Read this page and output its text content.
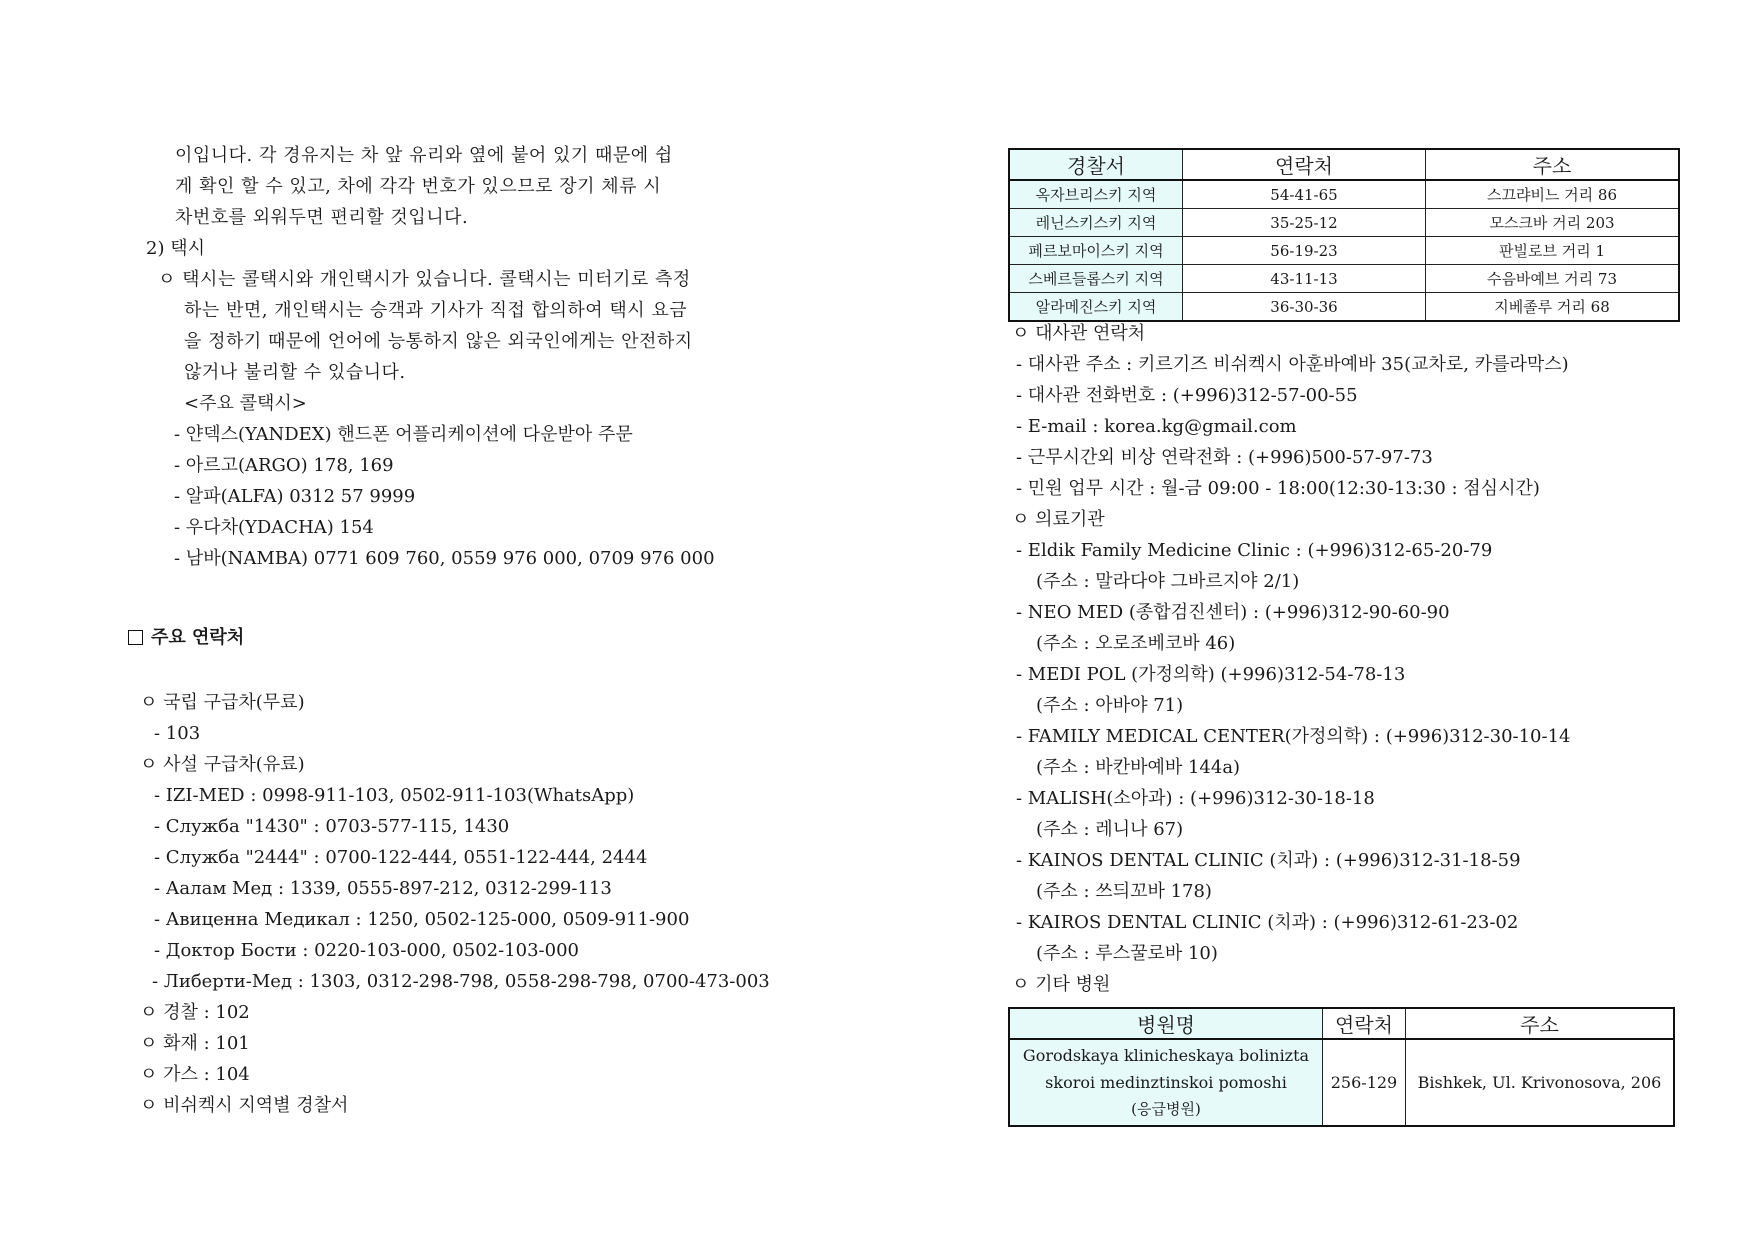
이입니다. 각 경유지는 차 앞 유리와 옆에 붙어 있기 때문에 쉽
게 확인 할 수 있고, 차에 각각 번호가 있으므로 장기 체류 시
차번호를 외워두면 편리할 것입니다.
2) 택시
ㅇ 택시는 콜택시와 개인택시가 있습니다. 콜택시는 미터기로 측정
하는 반면, 개인택시는 승객과 기사가 직접 합의하여 택시 요금
을 정하기 때문에 언어에 능통하지 않은 외국인에게는 안전하지
않거나 불리할 수 있습니다.
<주요 콜택시>
- 얀덱스(YANDEX) 핸드폰 어플리케이션에 다운받아 주문
- 아르고(ARGO) 178, 169
- 알파(ALFA) 0312 57 9999
- 우다차(YDACHA) 154
- 남바(NAMBA) 0771 609 760, 0559 976 000, 0709 976 000
주요 연락처
ㅇ 국립 구급차(무료)
- 103
ㅇ 사설 구급차(유료)
- IZI-MED : 0998-911-103, 0502-911-103(WhatsApp)
- Служба "1430" : 0703-577-115, 1430
- Служба "2444" : 0700-122-444, 0551-122-444, 2444
- Аалам Мед : 1339, 0555-897-212, 0312-299-113
- Авиценна Медикал : 1250, 0502-125-000, 0509-911-900
- Доктор Бости : 0220-103-000, 0502-103-000
- Либерти-Мед : 1303, 0312-298-798, 0558-298-798, 0700-473-003
ㅇ 경찰 : 102
ㅇ 화재 : 101
ㅇ 가스 : 104
ㅇ 비쉬켁시 지역별 경찰서
경찰서	연락처	주소
옥자브리스키 지역	54-41-65	스끄랴비느 거리 86
레닌스키스키 지역	35-25-12	모스크바 거리 203
페르보마이스키 지역	56-19-23	판빌로브 거리 1
스베르들롭스키 지역	43-11-13	수음바예브 거리 73
알라메진스키 지역	36-30-36	지베졸루 거리 68
ㅇ 대사관 연락처
- 대사관 주소 : 키르기즈 비쉬켁시 아훈바예바 35(교차로, 카를라막스)
- 대사관 전화번호 : (+996)312-57-00-55
- E-mail : korea.kg@gmail.com
- 근무시간외 비상 연락전화 : (+996)500-57-97-73
- 민원 업무 시간 : 월-금 09:00 - 18:00(12:30-13:30 : 점심시간)
ㅇ 의료기관
- Eldik Family Medicine Clinic : (+996)312-65-20-79
(주소 : 말라다야 그바르지야 2/1)
- NEO MED (종합검진센터) : (+996)312-90-60-90
(주소 : 오로조베코바 46)
- MEDI POL (가정의학) (+996)312-54-78-13
(주소 : 아바야 71)
- FAMILY MEDICAL CENTER(가정의학) : (+996)312-30-10-14
(주소 : 바칸바예바 144a)
- MALISH(소아과) : (+996)312-30-18-18
(주소 : 레니나 67)
- KAINOS DENTAL CLINIC (치과) : (+996)312-31-18-59
(주소 : 쓰듸꼬바 178)
- KAIROS DENTAL CLINIC (치과) : (+996)312-61-23-02
(주소 : 루스꿀로바 10)
ㅇ 기타 병원
병원명	연락처	주소

Gorodskaya klinicheskaya bolinizta
skoroi medinztinskoi pomoshi
(응급병원)	256-129	Bishkek, Ul. Krivonosova, 206
